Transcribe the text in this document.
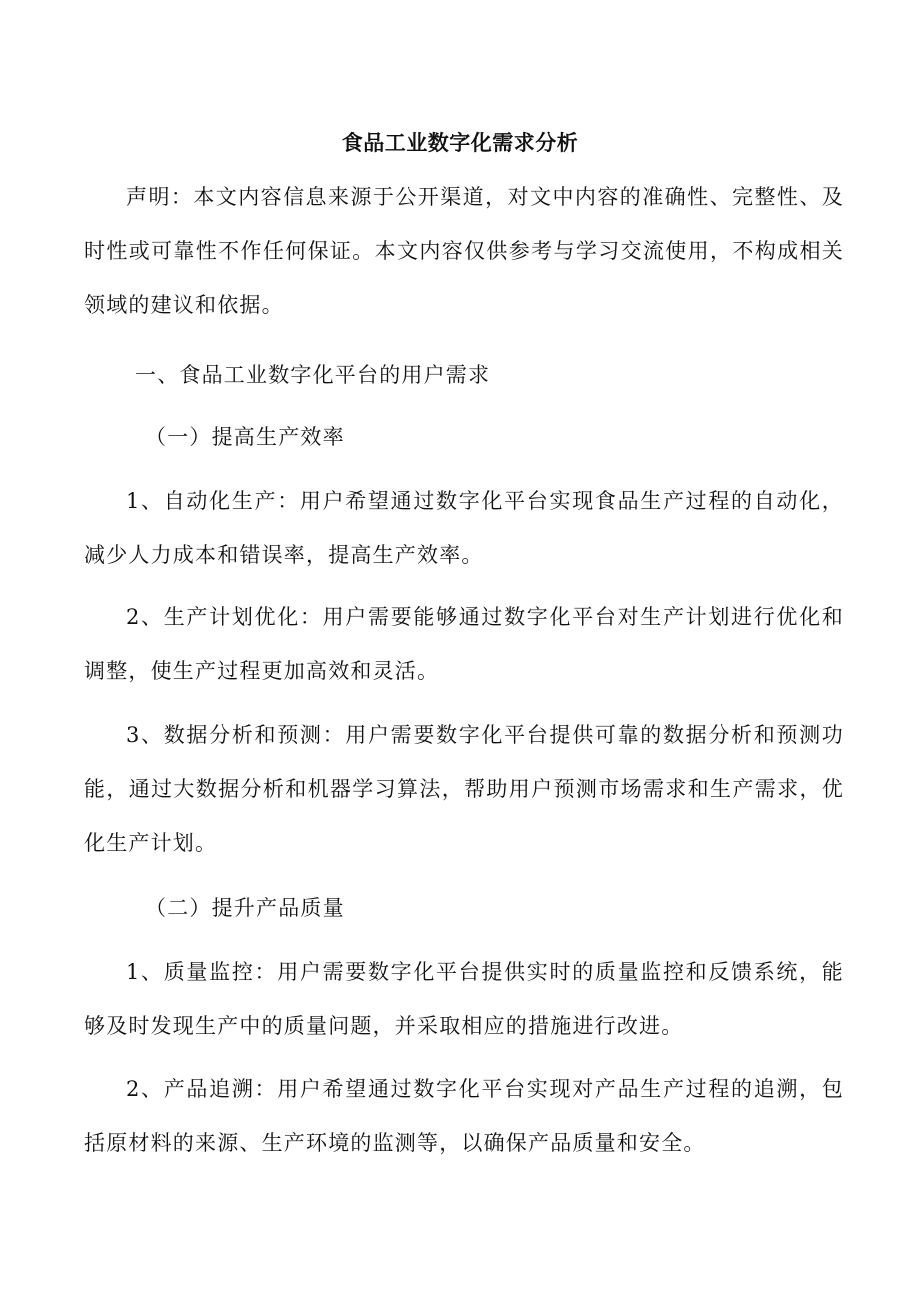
食品工业数字化需求分析
声明：本文内容信息来源于公开渠道，对文中内容的准确性、完整性、及时性或可靠性不作任何保证。本文内容仅供参考与学习交流使用，不构成相关领域的建议和依据。
一、食品工业数字化平台的用户需求
（一）提高生产效率
1、自动化生产：用户希望通过数字化平台实现食品生产过程的自动化，减少人力成本和错误率，提高生产效率。
2、生产计划优化：用户需要能够通过数字化平台对生产计划进行优化和调整，使生产过程更加高效和灵活。
3、数据分析和预测：用户需要数字化平台提供可靠的数据分析和预测功能，通过大数据分析和机器学习算法，帮助用户预测市场需求和生产需求，优化生产计划。
（二）提升产品质量
1、质量监控：用户需要数字化平台提供实时的质量监控和反馈系统，能够及时发现生产中的质量问题，并采取相应的措施进行改进。
2、产品追溯：用户希望通过数字化平台实现对产品生产过程的追溯，包括原材料的来源、生产环境的监测等，以确保产品质量和安全。
